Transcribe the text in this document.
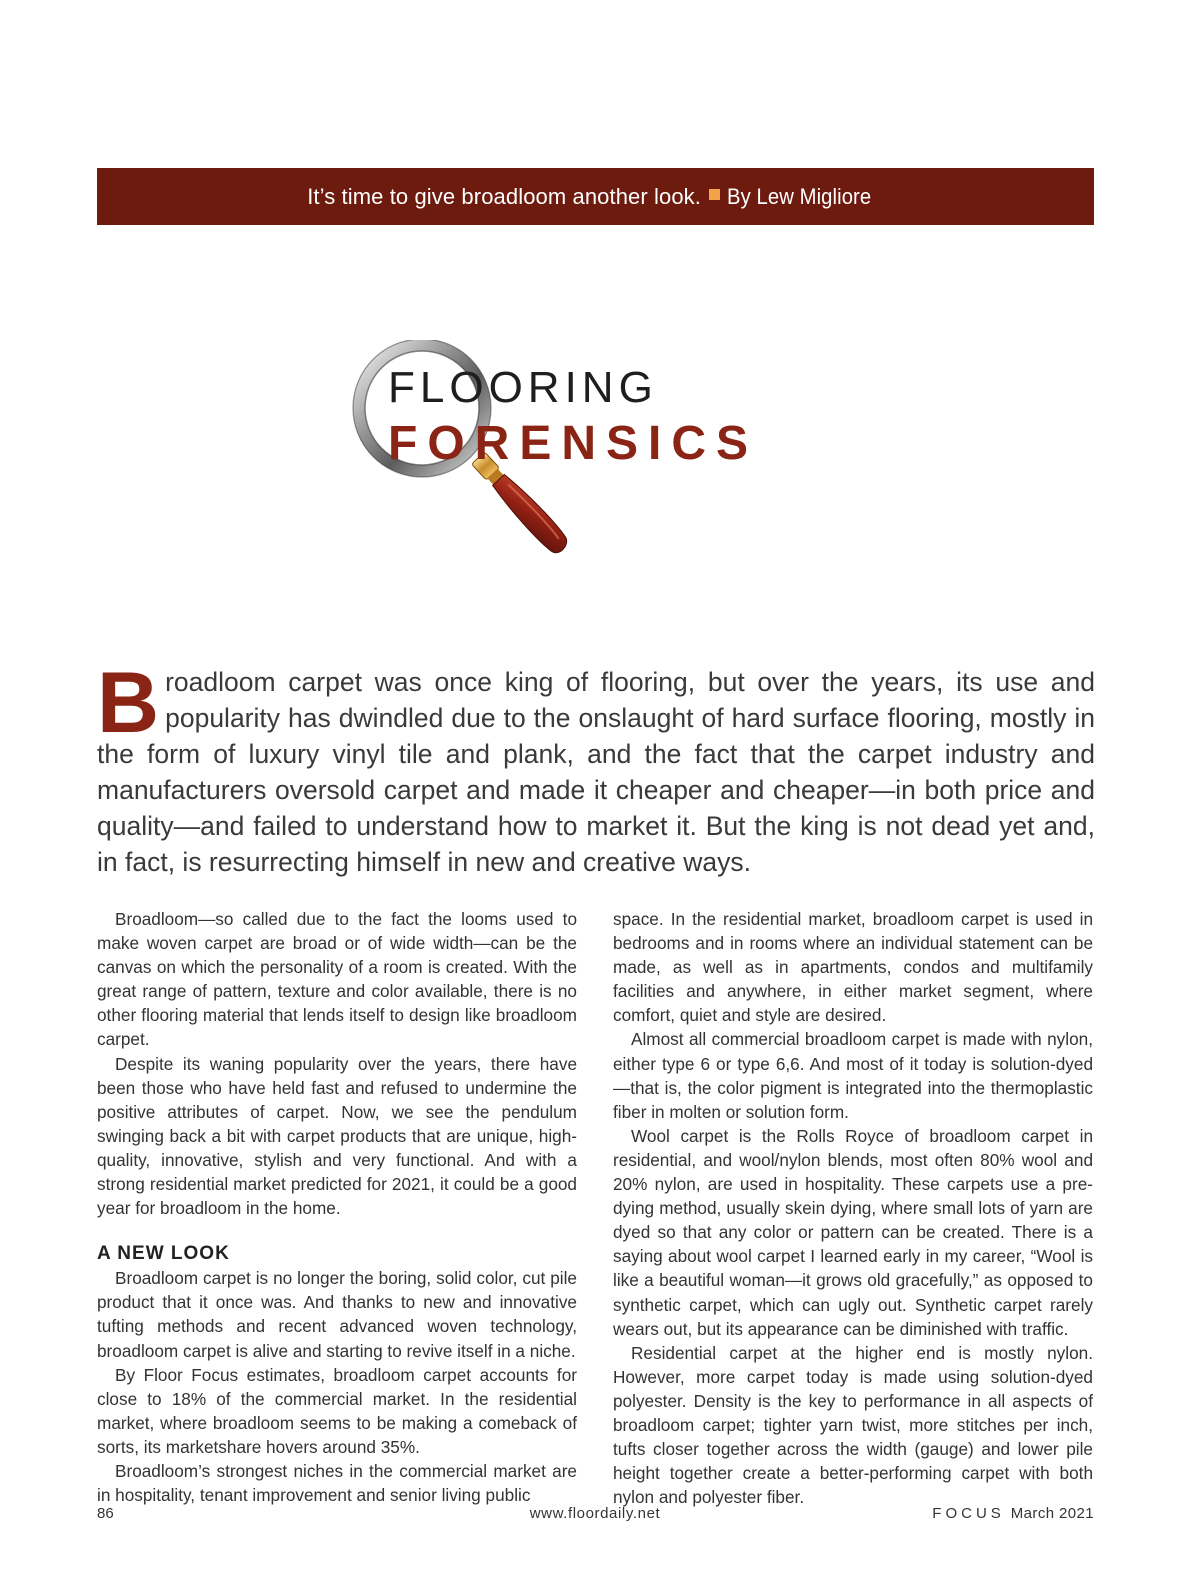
It’s time to give broadloom another look. By Lew Migliore
FLOORING
FORENSICS
Broadloom carpet was once king of flooring, but over the years, its use and popularity has dwindled due to the onslaught of hard surface flooring, mostly in the form of luxury vinyl tile and plank, and the fact that the carpet industry and manufacturers oversold carpet and made it cheaper and cheaper—in both price and quality—and failed to understand how to market it. But the king is not dead yet and, in fact, is resurrecting himself in new and creative ways.

Broadloom—so called due to the fact the looms used to make woven carpet are broad or of wide width—can be the canvas on which the personality of a room is created. With the great range of pattern, texture and color available, there is no other flooring material that lends itself to design like broadloom carpet.

Despite its waning popularity over the years, there have been those who have held fast and refused to undermine the positive attributes of carpet. Now, we see the pendulum swinging back a bit with carpet products that are unique, high-quality, innovative, stylish and very functional. And with a strong residential market predicted for 2021, it could be a good year for broadloom in the home.

A NEW LOOK

Broadloom carpet is no longer the boring, solid color, cut pile product that it once was. And thanks to new and innovative tufting methods and recent advanced woven technology, broadloom carpet is alive and starting to revive itself in a niche.

By Floor Focus estimates, broadloom carpet accounts for close to 18% of the commercial market. In the residential market, where broadloom seems to be making a comeback of sorts, its marketshare hovers around 35%.

Broadloom’s strongest niches in the commercial market are in hospitality, tenant improvement and senior living public

space. In the residential market, broadloom carpet is used in bedrooms and in rooms where an individual statement can be made, as well as in apartments, condos and multifamily facilities and anywhere, in either market segment, where comfort, quiet and style are desired.

Almost all commercial broadloom carpet is made with nylon, either type 6 or type 6,6. And most of it today is solution-dyed—that is, the color pigment is integrated into the thermoplastic fiber in molten or solution form.

Wool carpet is the Rolls Royce of broadloom carpet in residential, and wool/nylon blends, most often 80% wool and 20% nylon, are used in hospitality. These carpets use a pre-dying method, usually skein dying, where small lots of yarn are dyed so that any color or pattern can be created. There is a saying about wool carpet I learned early in my career, “Wool is like a beautiful woman—it grows old gracefully,” as opposed to synthetic carpet, which can ugly out. Synthetic carpet rarely wears out, but its appearance can be diminished with traffic.

Residential carpet at the higher end is mostly nylon. However, more carpet today is made using solution-dyed polyester. Density is the key to performance in all aspects of broadloom carpet; tighter yarn twist, more stitches per inch, tufts closer together across the width (gauge) and lower pile height together create a better-performing carpet with both nylon and polyester fiber.

86	www.floordaily.net	FOCUS March 2021
